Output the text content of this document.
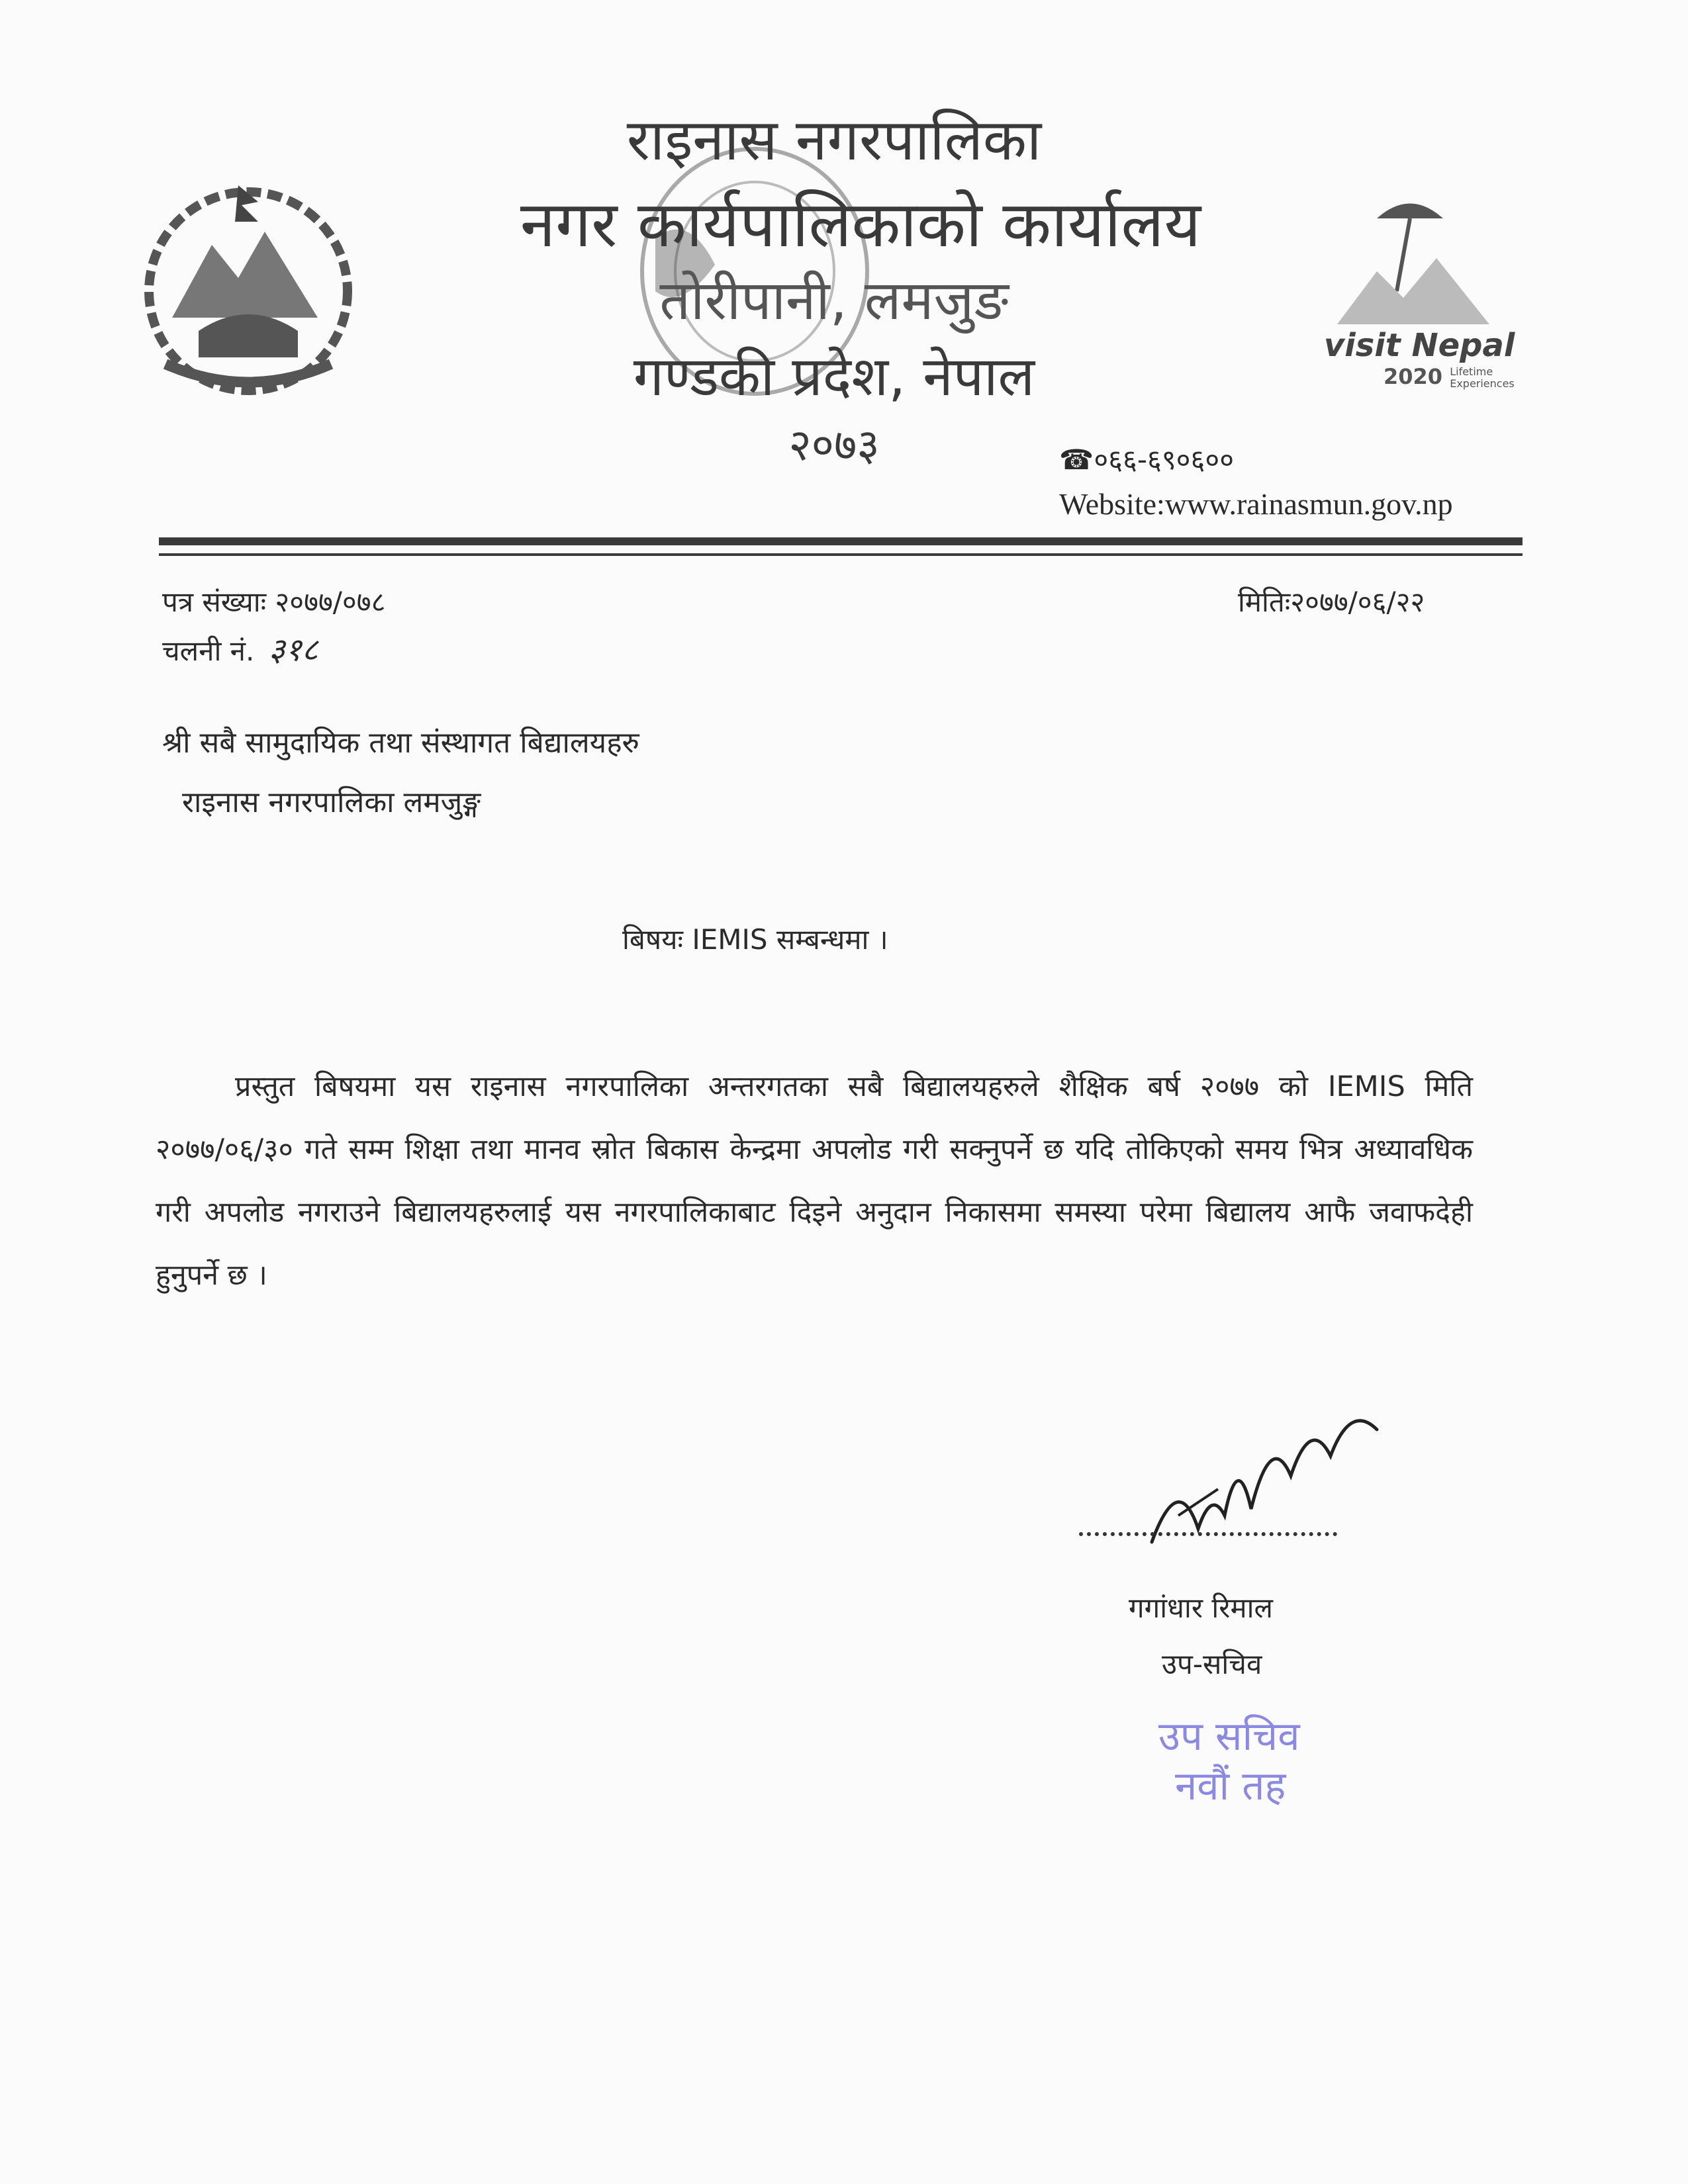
राइनास नगरपालिका
नगर कार्यपालिकाको कार्यालय
तोरीपानी, लमजुङ
गण्डकी प्रदेश, नेपाल
२०७३
visit Nepal
2020 Lifetime
Experiences
☎०६६-६९०६००
Website:www.rainasmun.gov.np
पत्र संख्याः २०७७/०७८	मितिः२०७७/०६/२२
चलनी नं. ३१८
श्री सबै सामुदायिक तथा संस्थागत बिद्यालयहरु
राइनास नगरपालिका लमजुङ्ग
बिषयः IEMIS सम्बन्धमा ।
प्रस्तुत बिषयमा यस राइनास नगरपालिका अन्तरगतका सबै बिद्यालयहरुले शैक्षिक बर्ष २०७७ को IEMIS मिति २०७७/०६/३० गते सम्म शिक्षा तथा मानव स्रोत बिकास केन्द्रमा अपलोड गरी सक्नुपर्ने छ यदि तोकिएको समय भित्र अध्यावधिक गरी अपलोड नगराउने बिद्यालयहरुलाई यस नगरपालिकाबाट दिइने अनुदान निकासमा समस्या परेमा बिद्यालय आफै जवाफदेही हुनुपर्ने छ ।
गगांधार रिमाल
उप-सचिव
उप सचिव
नवौं तह
